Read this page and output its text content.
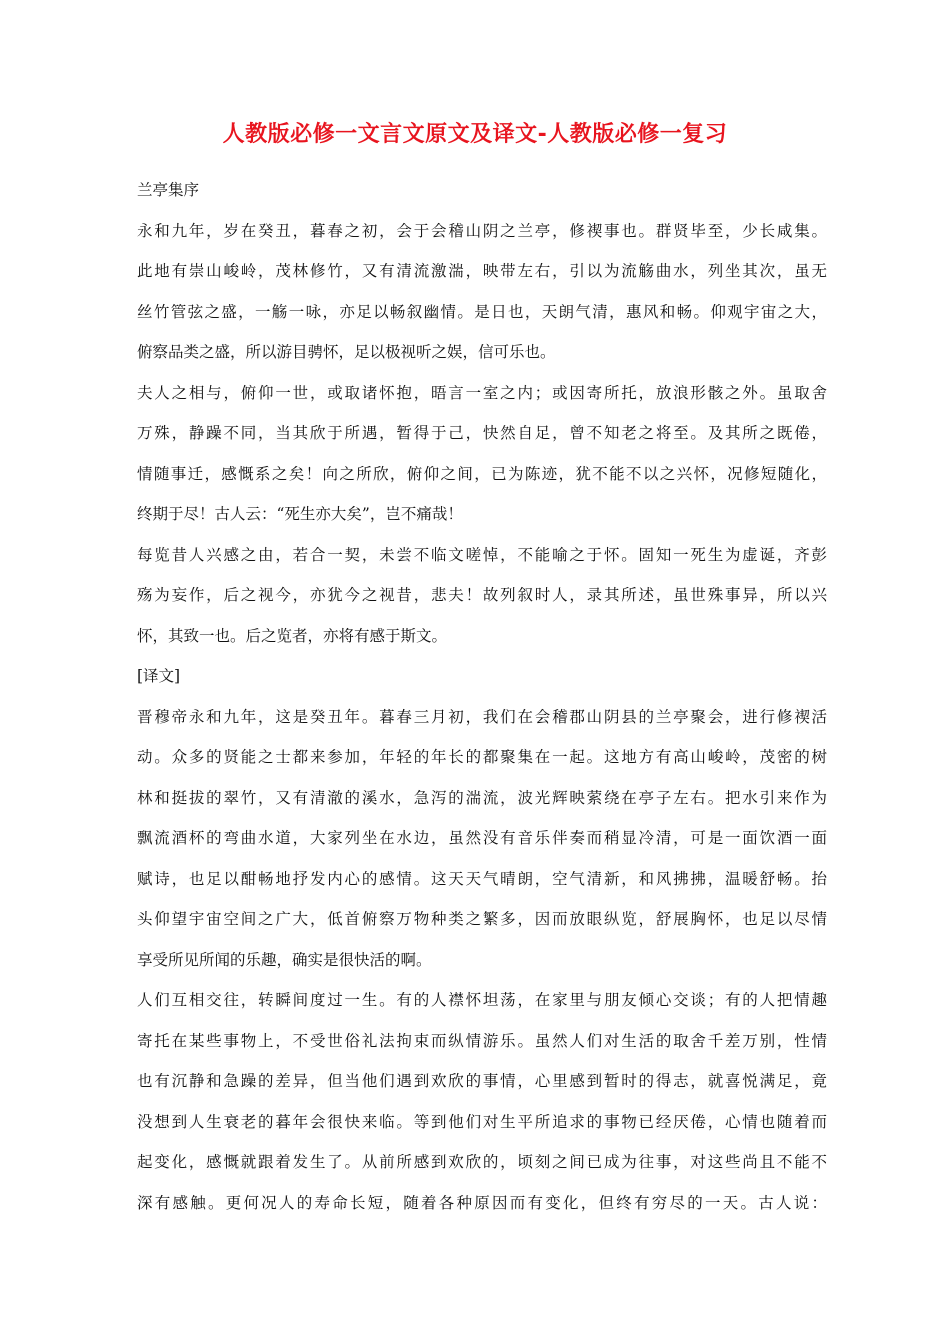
人教版必修一文言文原文及译文-人教版必修一复习
兰亭集序
永和九年，岁在癸丑，暮春之初，会于会稽山阴之兰亭，修禊事也。群贤毕至，少长咸集。
此地有崇山峻岭，茂林修竹，又有清流激湍，映带左右，引以为流觞曲水，列坐其次，虽无
丝竹管弦之盛，一觞一咏，亦足以畅叙幽情。是日也，天朗气清，惠风和畅。仰观宇宙之大，
俯察品类之盛，所以游目骋怀，足以极视听之娱，信可乐也。
夫人之相与，俯仰一世，或取诸怀抱，晤言一室之内；或因寄所托，放浪形骸之外。虽取舍
万殊，静躁不同，当其欣于所遇，暂得于己，快然自足，曾不知老之将至。及其所之既倦，
情随事迁，感慨系之矣！向之所欣，俯仰之间，已为陈迹，犹不能不以之兴怀，况修短随化，
终期于尽！古人云：“死生亦大矣”，岂不痛哉！
每览昔人兴感之由，若合一契，未尝不临文嗟悼，不能喻之于怀。固知一死生为虚诞，齐彭
殇为妄作，后之视今，亦犹今之视昔，悲夫！故列叙时人，录其所述，虽世殊事异，所以兴
怀，其致一也。后之览者，亦将有感于斯文。
[译文]
晋穆帝永和九年，这是癸丑年。暮春三月初，我们在会稽郡山阴县的兰亭聚会，进行修禊活
动。众多的贤能之士都来参加，年轻的年长的都聚集在一起。这地方有高山峻岭，茂密的树
林和挺拔的翠竹，又有清澈的溪水，急泻的湍流，波光辉映萦绕在亭子左右。把水引来作为
飘流酒杯的弯曲水道，大家列坐在水边，虽然没有音乐伴奏而稍显冷清，可是一面饮酒一面
赋诗，也足以酣畅地抒发内心的感情。这天天气晴朗，空气清新，和风拂拂，温暖舒畅。抬
头仰望宇宙空间之广大，低首俯察万物种类之繁多，因而放眼纵览，舒展胸怀，也足以尽情
享受所见所闻的乐趣，确实是很快活的啊。
人们互相交往，转瞬间度过一生。有的人襟怀坦荡，在家里与朋友倾心交谈；有的人把情趣
寄托在某些事物上，不受世俗礼法拘束而纵情游乐。虽然人们对生活的取舍千差万别，性情
也有沉静和急躁的差异，但当他们遇到欢欣的事情，心里感到暂时的得志，就喜悦满足，竟
没想到人生衰老的暮年会很快来临。等到他们对生平所追求的事物已经厌倦，心情也随着而
起变化，感慨就跟着发生了。从前所感到欢欣的，顷刻之间已成为往事，对这些尚且不能不
深有感触。更何况人的寿命长短，随着各种原因而有变化，但终有穷尽的一天。古人说：
